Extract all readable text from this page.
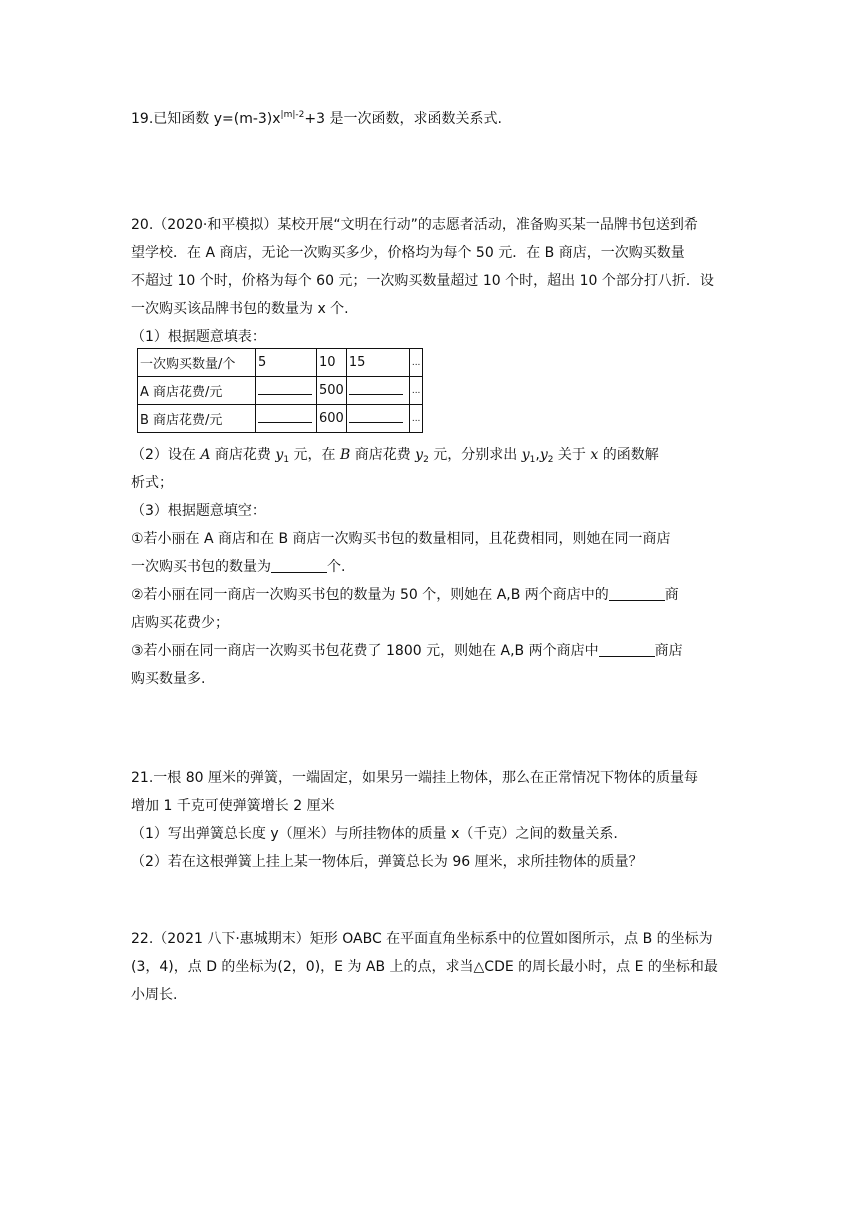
19.已知函数 $y=(m-3)x^{|m|-2}+3$ 是一次函数，求函数关系式.
20.（2020·和平模拟）某校开展“文明在行动”的志愿者活动，准备购买某一品牌书包送到希
望学校．在 A 商店，无论一次购买多少，价格均为每个 50 元．在 B 商店，一次购买数量
不超过 10 个时，价格为每个 60 元；一次购买数量超过 10 个时，超出 10 个部分打八折．设
一次购买该品牌书包的数量为 x 个.
（1）根据题意填表：
一次购买数量/个	5	10	15	...
A 商店花费/元		500		...
B 商店花费/元		600		...
（2）设在 A 商店花费 $y_1$ 元，在 B 商店花费 $y_2$ 元，分别求出 $y_1,y_2$ 关于 x 的函数解
析式；
（3）根据题意填空：
①若小丽在 A 商店和在 B 商店一次购买书包的数量相同，且花费相同，则她在同一商店
一次购买书包的数量为	个.
②若小丽在同一商店一次购买书包的数量为 50 个，则她在 A,B 两个商店中的	商
店购买花费少；
③若小丽在同一商店一次购买书包花费了 1800 元，则她在 A,B 两个商店中	商店
购买数量多.
21.一根 80 厘米的弹簧，一端固定，如果另一端挂上物体，那么在正常情况下物体的质量每
增加 1 千克可使弹簧增长 2 厘米
（1）写出弹簧总长度 y（厘米）与所挂物体的质量 x（千克）之间的数量关系.
（2）若在这根弹簧上挂上某一物体后，弹簧总长为 96 厘米，求所挂物体的质量？
22.（2021 八下·惠城期末）矩形 OABC 在平面直角坐标系中的位置如图所示，点 B 的坐标为
(3，4)，点 D 的坐标为(2，0)，E 为 AB 上的点，求当△CDE 的周长最小时，点 E 的坐标和最
小周长.
